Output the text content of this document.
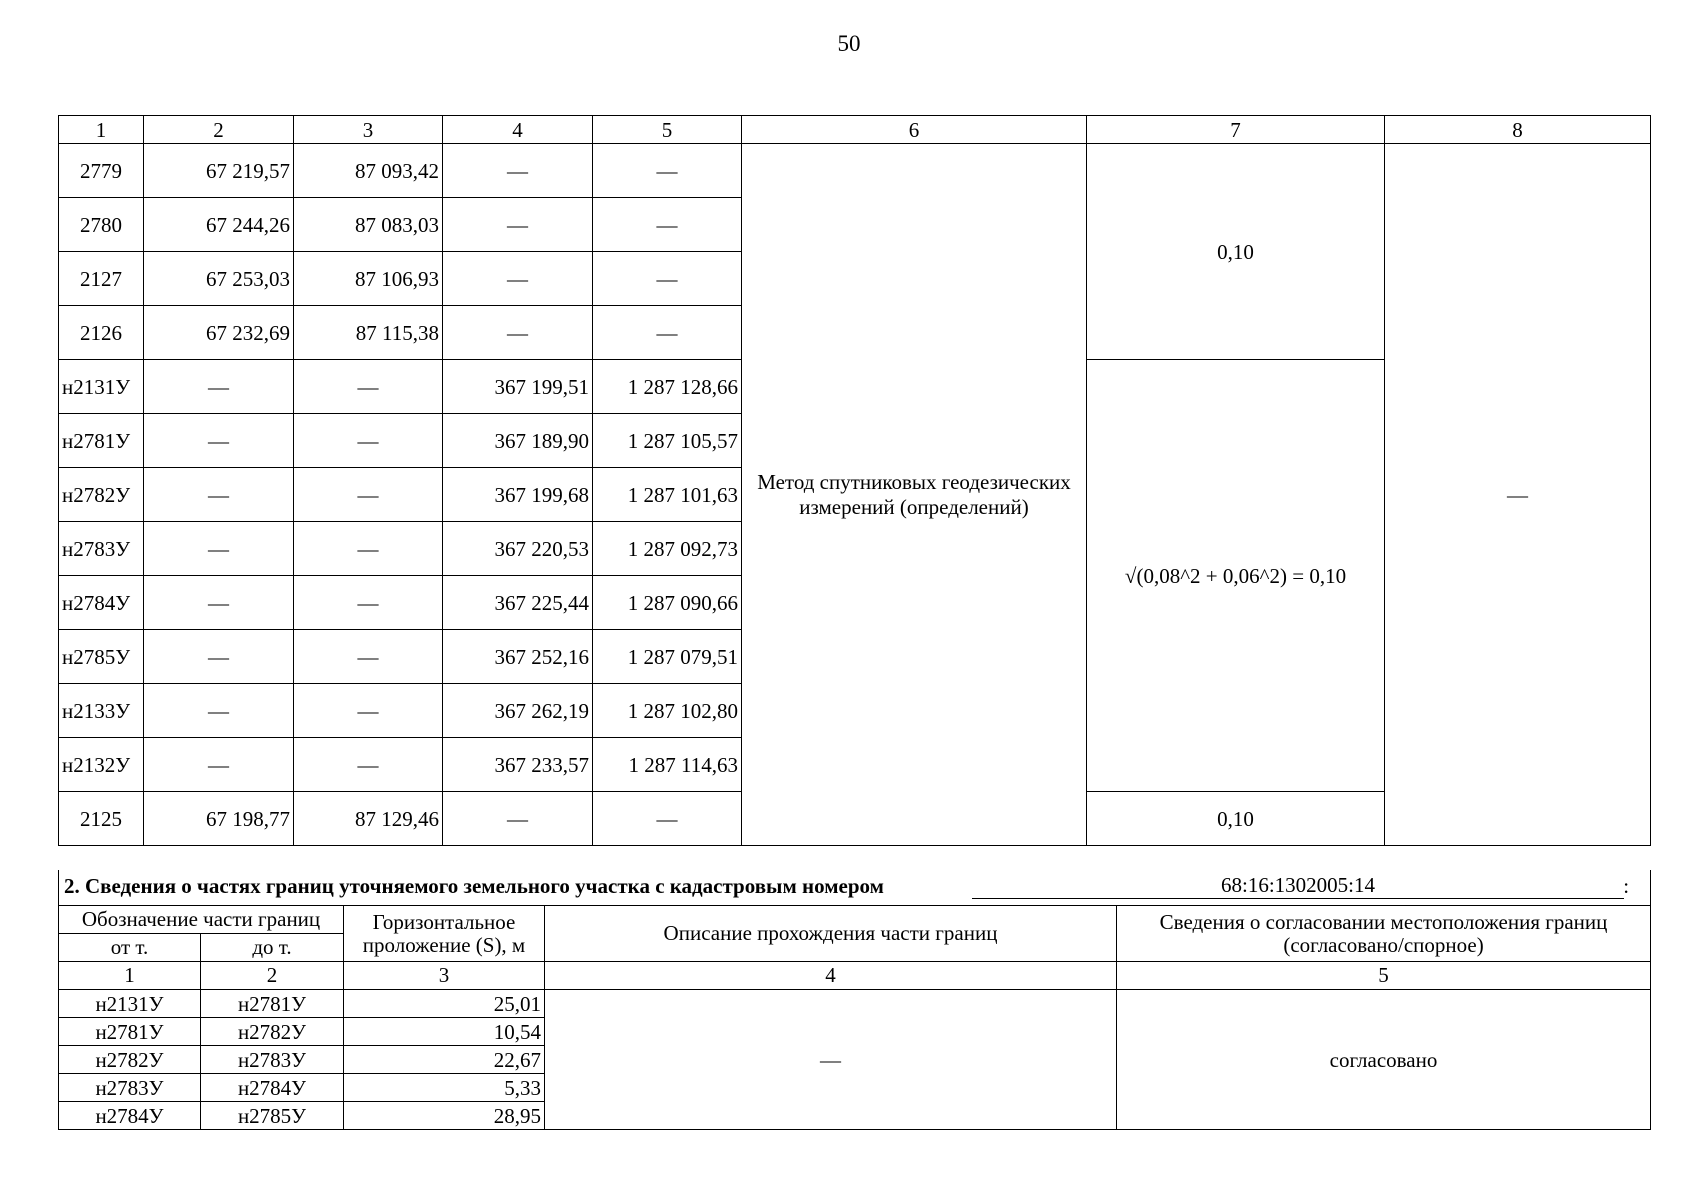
50
1	2	3	4	5	6	7	8
2779	67 219,57	87 093,42	—	—	Метод спутниковых геодезических измерений (определений)	0,10	—
2780	67 244,26	87 083,03	—	—			
2127	67 253,03	87 106,93	—	—			
2126	67 232,69	87 115,38	—	—			
н2131У	—	—	367 199,51	1 287 128,66		√(0,08^2 + 0,06^2) = 0,10	
н2781У	—	—	367 189,90	1 287 105,57			
н2782У	—	—	367 199,68	1 287 101,63			
н2783У	—	—	367 220,53	1 287 092,73			
н2784У	—	—	367 225,44	1 287 090,66			
н2785У	—	—	367 252,16	1 287 079,51			
н2133У	—	—	367 262,19	1 287 102,80			
н2132У	—	—	367 233,57	1 287 114,63			
2125	67 198,77	87 129,46	—	—		0,10	
2. Сведения о частях границ уточняемого земельного участка с кадастровым номером 68:16:1302005:14 :				

Обозначение части границ		Горизонтальное проложение (S), м	Описание прохождения части границ	Сведения о согласовании местоположения границ (согласовано/спорное)
от т.	до т.			
1	2	3	4	5
н2131У	н2781У	25,01	—	согласовано
н2781У	н2782У	10,54		
н2782У	н2783У	22,67		
н2783У	н2784У	5,33		
н2784У	н2785У	28,95		
